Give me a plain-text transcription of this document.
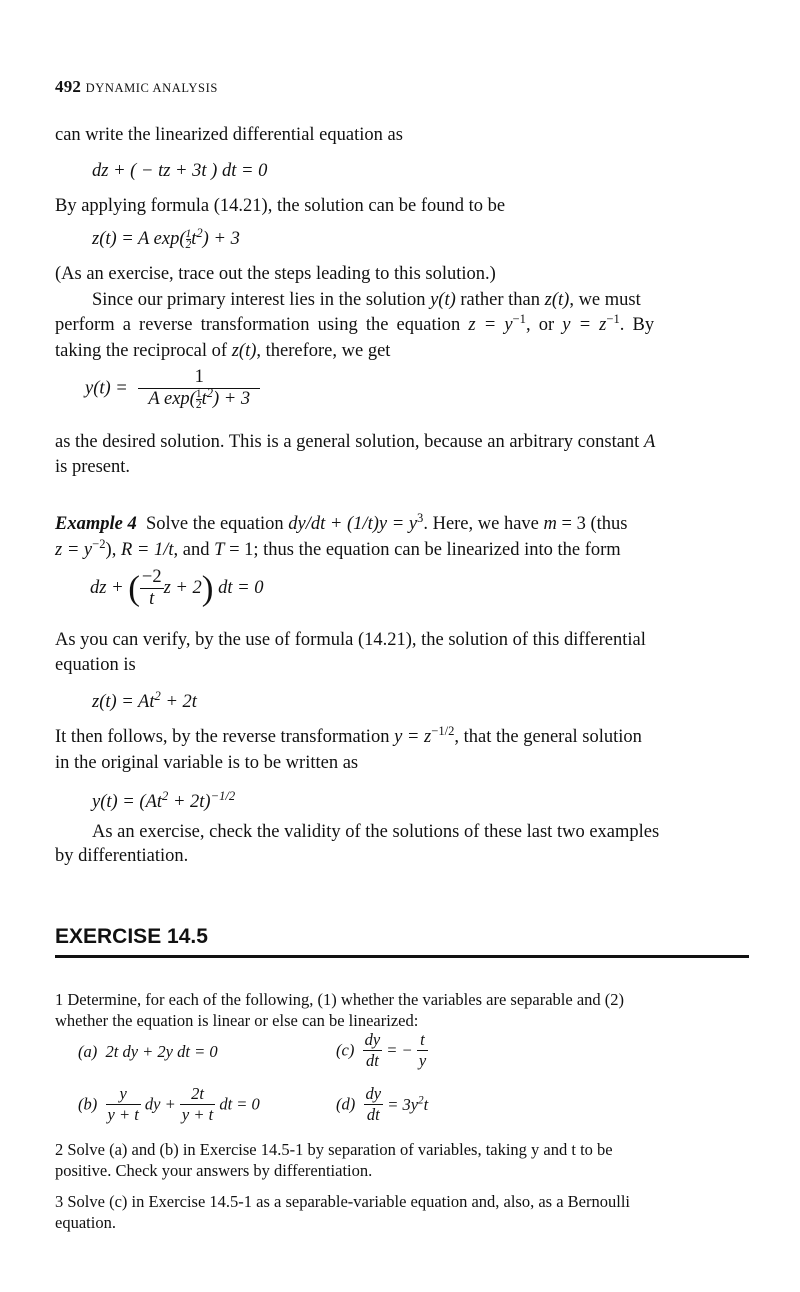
492 DYNAMIC ANALYSIS
can write the linearized differential equation as
dz + ( − tz + 3t ) dt = 0
By applying formula (14.21), the solution can be found to be
z(t) = A $\exp( \frac{1}{2} t^2) + 3$
(As an exercise, trace out the steps leading to this solution.)
Since our primary interest lies in the solution y(t) rather than z(t), we must
perform a reverse transformation using the equation $z = y^{-1}$, or $y = z^{-1}$. By
taking the reciprocal of z(t), therefore, we get
$y(t) = \frac{1}{A \exp( \frac{1}{2} t^2) + 3}$
as the desired solution. This is a general solution, because an arbitrary constant A
is present.
Example 4 Solve the equation $dy/dt + (1/t)y = y^3$. Here, we have m = 3 (thus
$z = y^{-2}$), R = 1/t, and T = 1; thus the equation can be linearized into the form
dz + ( $\frac{-2}{t}$ z + 2) dt = 0
As you can verify, by the use of formula (14.21), the solution of this differential
equation is
$z(t) = At^2 + 2t$
It then follows, by the reverse transformation $y = z^{-1/2}$, that the general solution
in the original variable is to be written as
$y(t) = (At^2 + 2t)^{-1/2}$
As an exercise, check the validity of the solutions of these last two examples
by differentiation.
EXERCISE 14.5
1 Determine, for each of the following, (1) whether the variables are separable and (2)
whether the equation is linear or else can be linearized:
(a) 2t dy + 2y dt = 0	$(c) \frac{dy}{dt}$ = − $\frac{t}{y}$
$(b) \frac{y}{y + t}$ dy + $\frac{2t}{y + t}$ dt = 0	$(d) \frac{dy}{dt} = 3y^2t$
2 Solve (a) and (b) in Exercise 14.5-1 by separation of variables, taking y and t to be
positive. Check your answers by differentiation.
3 Solve (c) in Exercise 14.5-1 as a separable-variable equation and, also, as a Bernoulli
equation.
